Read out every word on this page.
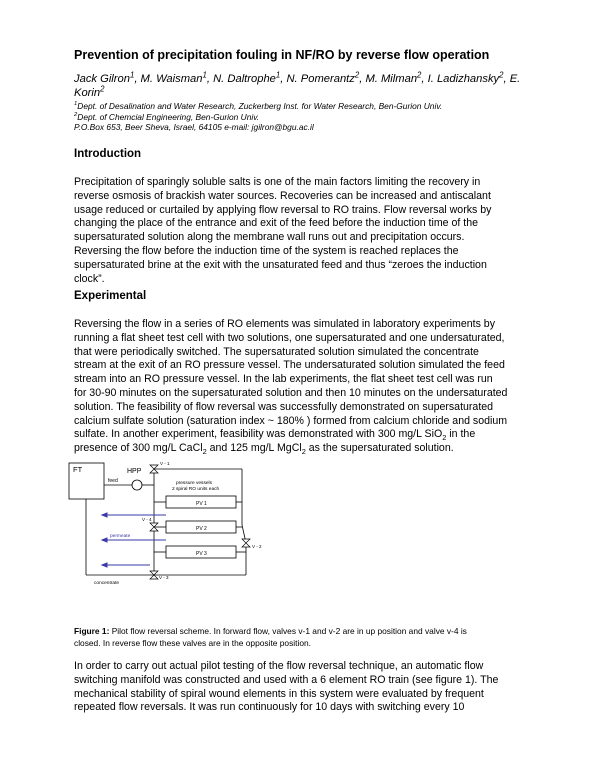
Prevention of precipitation fouling in NF/RO by reverse flow operation
Jack Gilron$^1$, M. Waisman$^1$, N. Daltrophe$^1$, N. Pomerantz$^2$, M. Milman$^2$, I. Ladizhansky$^2$, E.
Korin$^2$
$^1$Dept. of Desalination and Water Research, Zuckerberg Inst. for Water Research, Ben-Gurion Univ.
$^2$Dept. of Chemcial Engineering, Ben-Gurion Univ.
P.O.Box 653, Beer Sheva, Israel, 64105 e-mail: jgilron@bgu.ac.il
Introduction
Precipitation of sparingly soluble salts is one of the main factors limiting the recovery in
reverse osmosis of brackish water sources. Recoveries can be increased and antiscalant
usage reduced or curtailed by applying flow reversal to RO trains. Flow reversal works by
changing the place of the entrance and exit of the feed before the induction time of the
supersaturated solution along the membrane wall runs out and precipitation occurs.
Reversing the flow before the induction time of the system is reached replaces the
supersaturated brine at the exit with the unsaturated feed and thus “zeroes the induction
clock”.
Experimental
Reversing the flow in a series of RO elements was simulated in laboratory experiments by
running a flat sheet test cell with two solutions, one supersaturated and one undersaturated,
that were periodically switched. The supersaturated solution simulated the concentrate
stream at the exit of an RO pressure vessel. The undersaturated solution simulated the feed
stream into an RO pressure vessel. In the lab experiments, the flat sheet test cell was run
for 30-90 minutes on the supersaturated solution and then 10 minutes on the undersaturated
solution. The feasibility of flow reversal was successfully demonstrated on supersaturated
calcium sulfate solution (saturation index ~ 180% ) formed from calcium chloride and sodium
sulfate. In another experiment, feasibility was demonstrated with 300 mg/L SiO$_2$ in the
presence of 300 mg/L CaCl$_2$ and 125 mg/L MgCl$_2$ as the supersaturated solution.
FT	HPP
feed
V - 1
V - 2
V - 3
V - 4
pressure vessels
2 spiral RO units each
PV 1
PV 2
PV 3
permeate
concentrate
Figure 1: Pilot flow reversal scheme. In forward flow, valves v-1 and v-2 are in up position and valve v-4 is
closed. In reverse flow these valves are in the opposite position.
In order to carry out actual pilot testing of the flow reversal technique, an automatic flow
switching manifold was constructed and used with a 6 element RO train (see figure 1). The
mechanical stability of spiral wound elements in this system were evaluated by frequent
repeated flow reversals. It was run continuously for 10 days with switching every 10
